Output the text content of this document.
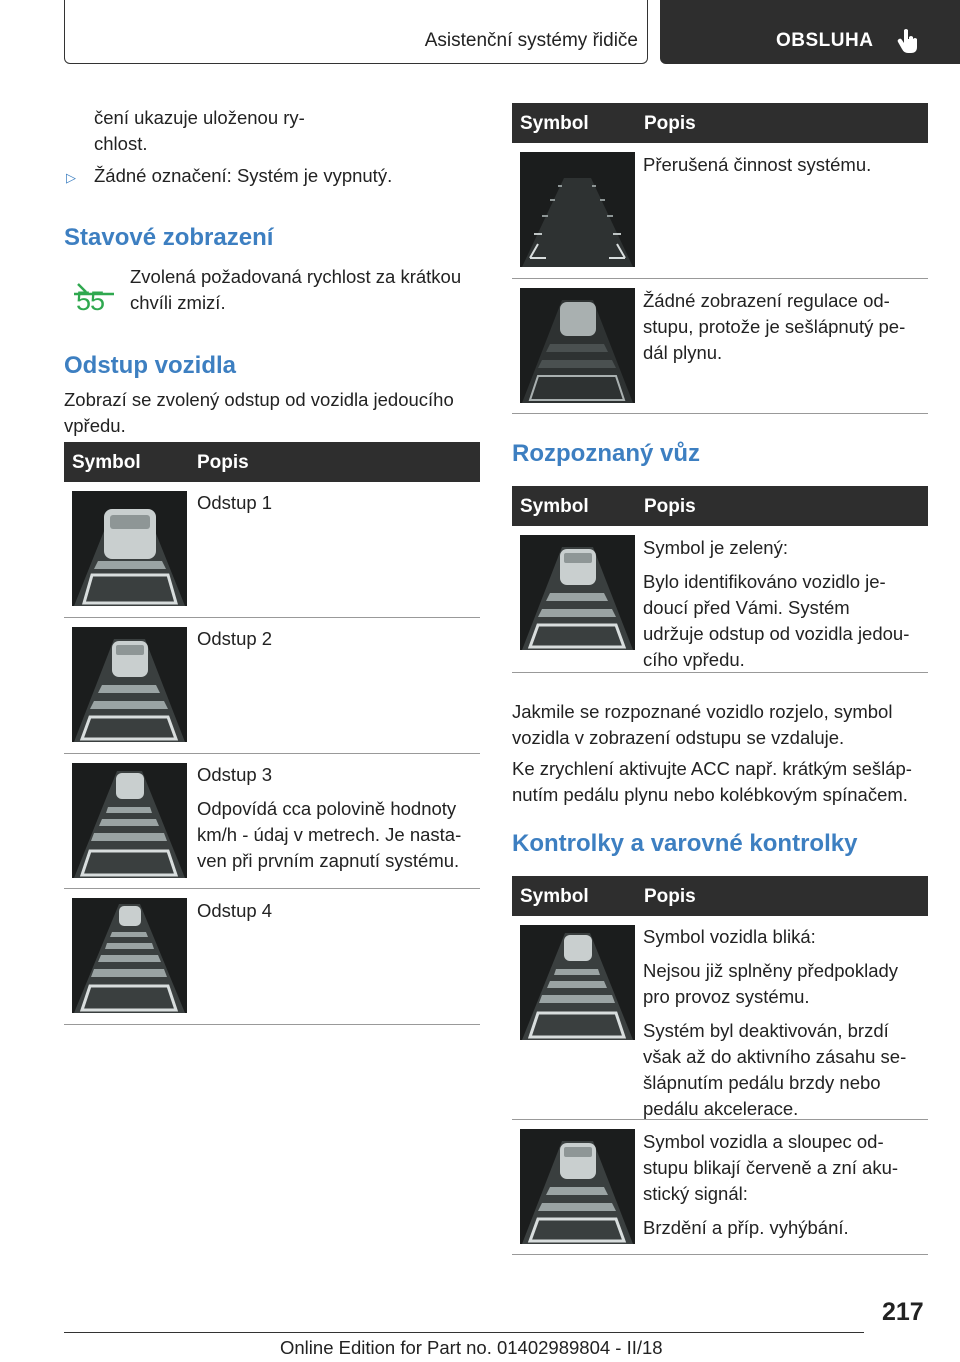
Asistenční systémy řidiče	OBSLUHA
čení ukazuje uloženou ry-
chlost.
▷ Žádné označení: Systém je vypnutý.
Stavové zobrazení
55
Zvolená požadovaná rychlost za krátkou
chvíli zmizí.
Odstup vozidla
Zobrazí se zvolený odstup od vozidla jedoucího
vpředu.
Symbol	Popis
Odstup 1
Odstup 2

Odstup 3

Odpovídá cca polovině hodnoty
km/h - údaj v metrech. Je nasta-
ven při prvním zapnutí systému.
Odstup 4
Symbol	Popis
Přerušená činnost systému.
Žádné zobrazení regulace od-
stupu, protože je sešlápnutý pe-
dál plynu.
Rozpoznaný vůz
Symbol	Popis

Symbol je zelený:

Bylo identifikováno vozidlo je-
doucí před Vámi. Systém
udržuje odstup od vozidla jedou-
cího vpředu.
Jakmile se rozpoznané vozidlo rozjelo, symbol
vozidla v zobrazení odstupu se vzdaluje.
Ke zrychlení aktivujte ACC např. krátkým sešláp-
nutím pedálu plynu nebo kolébkovým spínačem.
Kontrolky a varovné kontrolky
Symbol	Popis

Symbol vozidla bliká:

Nejsou již splněny předpoklady
pro provoz systému.
Systém byl deaktivován, brzdí
však až do aktivního zásahu se-
šlápnutím pedálu brzdy nebo
pedálu akcelerace.
Symbol vozidla a sloupec od-
stupu blikají červeně a zní aku-
stický signál:
Brzdění a příp. vyhýbání.
217
Online Edition for Part no. 01402989804 - II/18
